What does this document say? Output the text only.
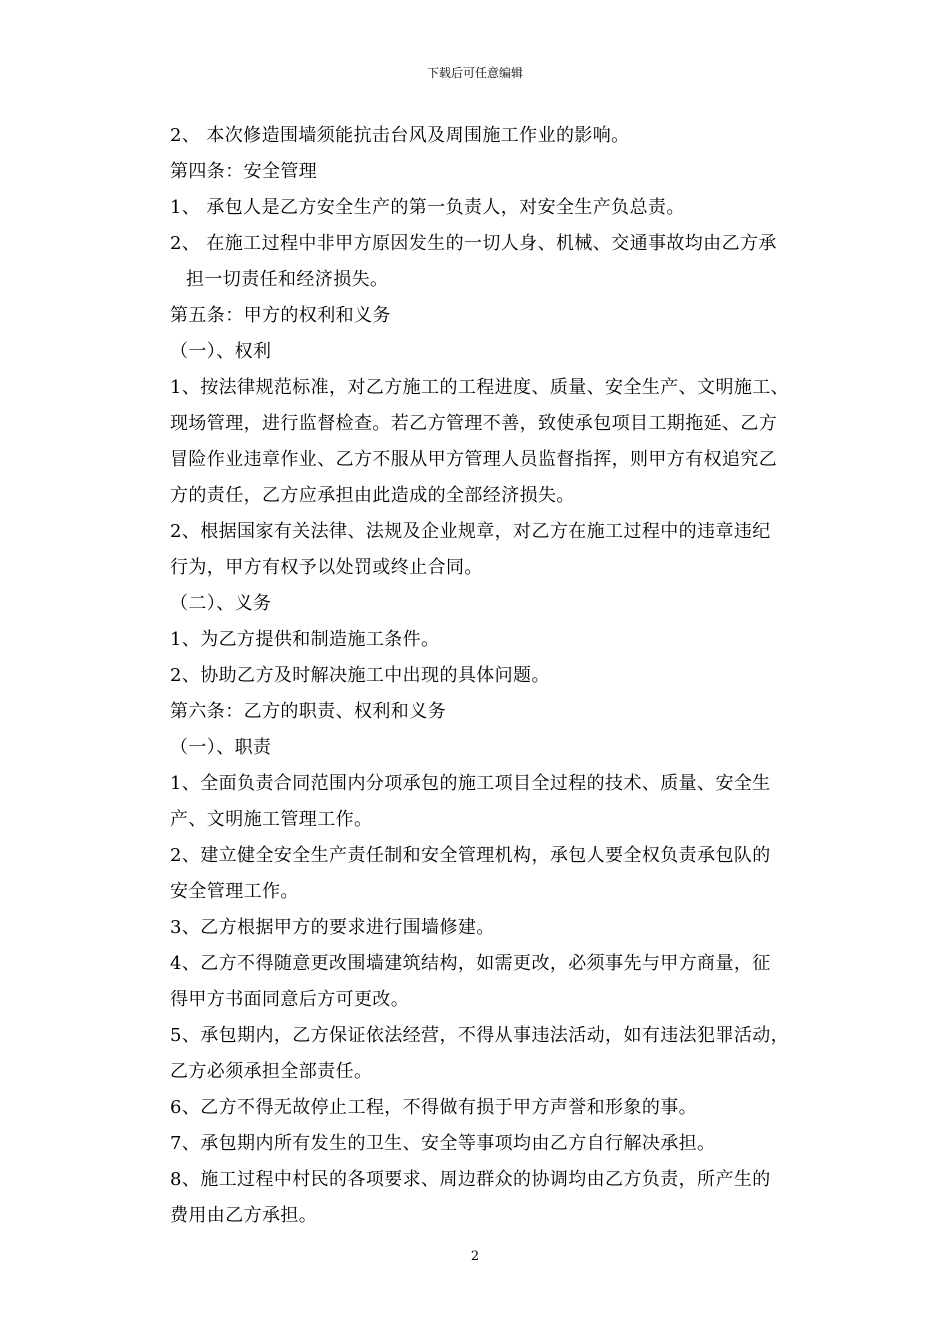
下载后可任意编辑
2、 本次修造围墙须能抗击台风及周围施工作业的影响。
第四条：安全管理
1、 承包人是乙方安全生产的第一负责人，对安全生产负总责。
2、 在施工过程中非甲方原因发生的一切人身、机械、交通事故均由乙方承
担一切责任和经济损失。
第五条：甲方的权利和义务
（一）、权利
1、按法律规范标准，对乙方施工的工程进度、质量、安全生产、文明施工、
现场管理，进行监督检查。若乙方管理不善，致使承包项目工期拖延、乙方
冒险作业违章作业、乙方不服从甲方管理人员监督指挥，则甲方有权追究乙
方的责任，乙方应承担由此造成的全部经济损失。
2、根据国家有关法律、法规及企业规章，对乙方在施工过程中的违章违纪
行为，甲方有权予以处罚或终止合同。
（二）、义务
1、为乙方提供和制造施工条件。
2、协助乙方及时解决施工中出现的具体问题。
第六条：乙方的职责、权利和义务
（一）、职责
1、全面负责合同范围内分项承包的施工项目全过程的技术、质量、安全生
产、文明施工管理工作。
2、建立健全安全生产责任制和安全管理机构，承包人要全权负责承包队的
安全管理工作。
3、乙方根据甲方的要求进行围墙修建。
4、乙方不得随意更改围墙建筑结构，如需更改，必须事先与甲方商量，征
得甲方书面同意后方可更改。
5、承包期内，乙方保证依法经营，不得从事违法活动，如有违法犯罪活动，
乙方必须承担全部责任。
6、乙方不得无故停止工程，不得做有损于甲方声誉和形象的事。
7、承包期内所有发生的卫生、安全等事项均由乙方自行解决承担。
8、施工过程中村民的各项要求、周边群众的协调均由乙方负责，所产生的
费用由乙方承担。
2
